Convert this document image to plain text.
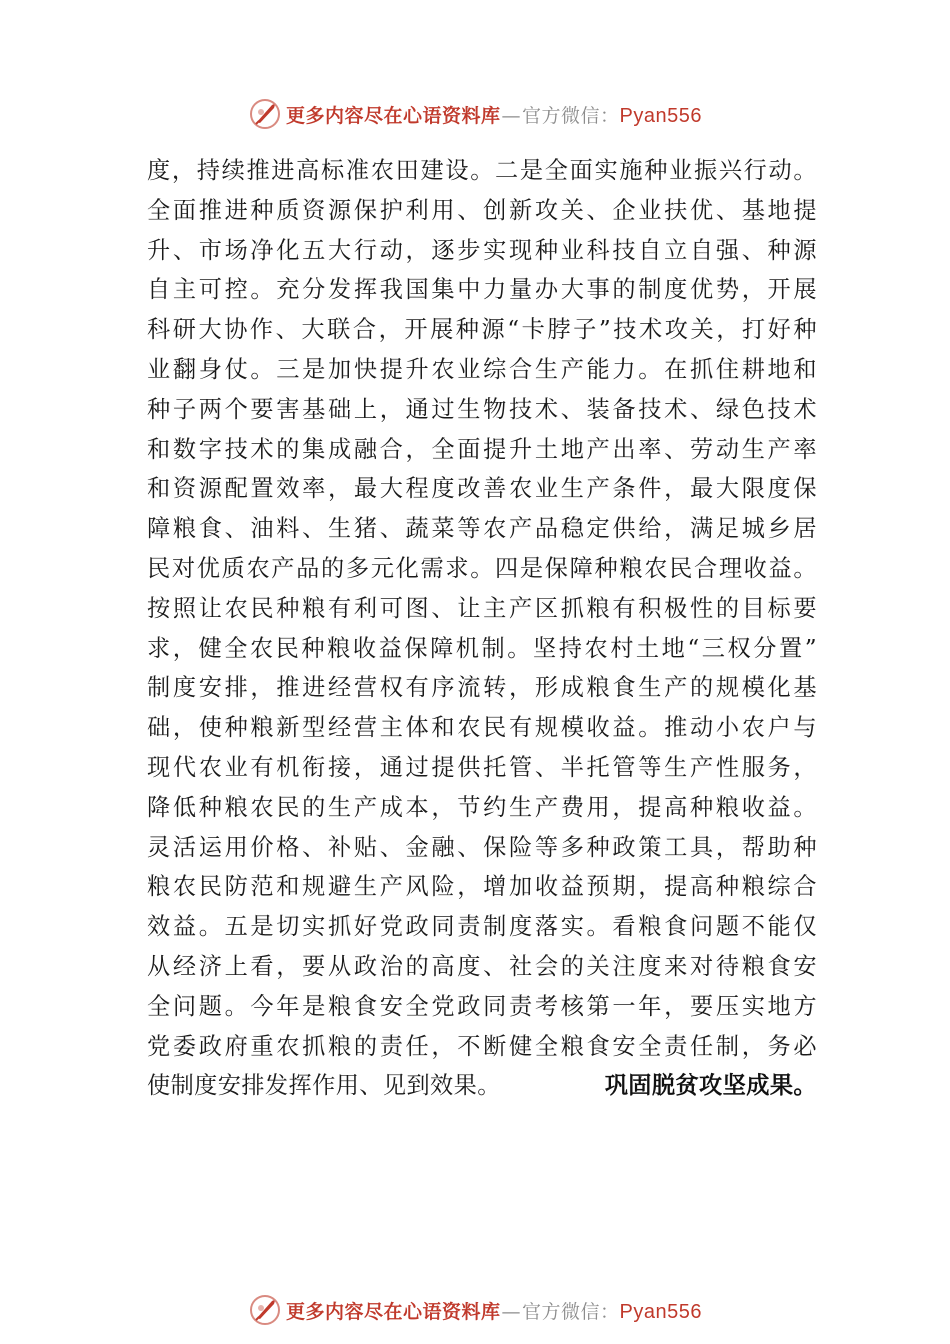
更多内容尽在心语资料库 — 官方微信： Pyan556
度，持续推进高标准农田建设。二是全面实施种业振兴行动。
全面推进种质资源保护利用、创新攻关、企业扶优、基地提
升、市场净化五大行动，逐步实现种业科技自立自强、种源
自主可控。充分发挥我国集中力量办大事的制度优势，开展
科研大协作、大联合，开展种源“卡脖子”技术攻关，打好种
业翻身仗。三是加快提升农业综合生产能力。在抓住耕地和
种子两个要害基础上，通过生物技术、装备技术、绿色技术
和数字技术的集成融合，全面提升土地产出率、劳动生产率
和资源配置效率，最大程度改善农业生产条件，最大限度保
障粮食、油料、生猪、蔬菜等农产品稳定供给，满足城乡居
民对优质农产品的多元化需求。四是保障种粮农民合理收益。
按照让农民种粮有利可图、让主产区抓粮有积极性的目标要
求，健全农民种粮收益保障机制。坚持农村土地“三权分置”
制度安排，推进经营权有序流转，形成粮食生产的规模化基
础，使种粮新型经营主体和农民有规模收益。推动小农户与
现代农业有机衔接，通过提供托管、半托管等生产性服务，
降低种粮农民的生产成本，节约生产费用，提高种粮收益。
灵活运用价格、补贴、金融、保险等多种政策工具，帮助种
粮农民防范和规避生产风险，增加收益预期，提高种粮综合
效益。五是切实抓好党政同责制度落实。看粮食问题不能仅
从经济上看，要从政治的高度、社会的关注度来对待粮食安
全问题。今年是粮食安全党政同责考核第一年，要压实地方
党委政府重农抓粮的责任，不断健全粮食安全责任制，务必
使制度安排发挥作用、见到效果。	巩固脱贫攻坚成果。
更多内容尽在心语资料库 — 官方微信： Pyan556
